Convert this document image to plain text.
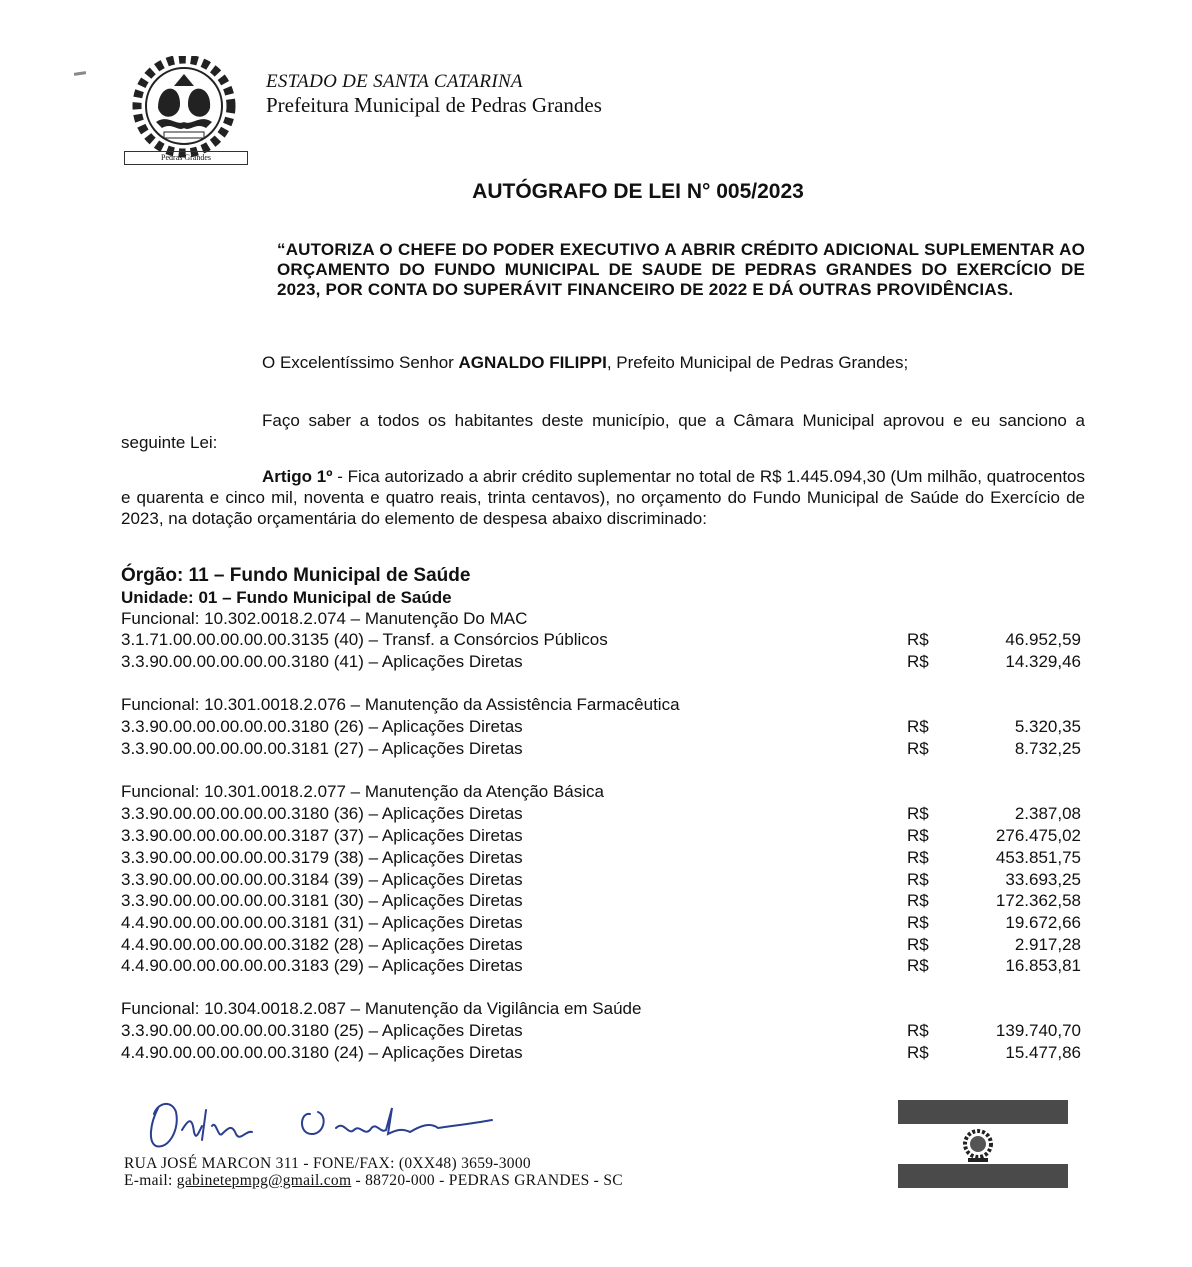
Pedras Grandes
ESTADO DE SANTA CATARINA
Prefeitura Municipal de Pedras Grandes
AUTÓGRAFO DE LEI N° 005/2023
“AUTORIZA O CHEFE DO PODER EXECUTIVO A ABRIR CRÉDITO ADICIONAL SUPLEMENTAR AO ORÇAMENTO DO FUNDO MUNICIPAL DE SAUDE DE PEDRAS GRANDES DO EXERCÍCIO DE 2023, POR CONTA DO SUPERÁVIT FINANCEIRO DE 2022 E DÁ OUTRAS PROVIDÊNCIAS.
O Excelentíssimo Senhor AGNALDO FILIPPI, Prefeito Municipal de Pedras Grandes;
Faço saber a todos os habitantes deste município, que a Câmara Municipal aprovou e eu sanciono a seguinte Lei:
Artigo 1º - Fica autorizado a abrir crédito suplementar no total de R$ 1.445.094,30 (Um milhão, quatrocentos e quarenta e cinco mil, noventa e quatro reais, trinta centavos), no orçamento do Fundo Municipal de Saúde do Exercício de 2023, na dotação orçamentária do elemento de despesa abaixo discriminado:
Órgão: 11 – Fundo Municipal de Saúde
Unidade: 01 – Fundo Municipal de Saúde
Funcional: 10.302.0018.2.074 – Manutenção Do MAC
3.1.71.00.00.00.00.00.3135 (40) – Transf. a Consórcios Públicos	R$	46.952,59
3.3.90.00.00.00.00.00.3180 (41) – Aplicações Diretas	R$	14.329,46
Funcional: 10.301.0018.2.076 – Manutenção da Assistência Farmacêutica
3.3.90.00.00.00.00.00.3180 (26) – Aplicações Diretas	R$	5.320,35
3.3.90.00.00.00.00.00.3181 (27) – Aplicações Diretas	R$	8.732,25
Funcional: 10.301.0018.2.077 – Manutenção da Atenção Básica
3.3.90.00.00.00.00.00.3180 (36) – Aplicações Diretas	R$	2.387,08
3.3.90.00.00.00.00.00.3187 (37) – Aplicações Diretas	R$	276.475,02
3.3.90.00.00.00.00.00.3179 (38) – Aplicações Diretas	R$	453.851,75
3.3.90.00.00.00.00.00.3184 (39) – Aplicações Diretas	R$	33.693,25
3.3.90.00.00.00.00.00.3181 (30) – Aplicações Diretas	R$	172.362,58
4.4.90.00.00.00.00.00.3181 (31) – Aplicações Diretas	R$	19.672,66
4.4.90.00.00.00.00.00.3182 (28) – Aplicações Diretas	R$	2.917,28
4.4.90.00.00.00.00.00.3183 (29) – Aplicações Diretas	R$	16.853,81
Funcional: 10.304.0018.2.087 – Manutenção da Vigilância em Saúde
3.3.90.00.00.00.00.00.3180 (25) – Aplicações Diretas	R$	139.740,70
4.4.90.00.00.00.00.00.3180 (24) – Aplicações Diretas	R$	15.477,86
RUA JOSÉ MARCON 311 - FONE/FAX: (0XX48) 3659-3000
E-mail: gabinetepmpg@gmail.com - 88720-000 - PEDRAS GRANDES - SC
